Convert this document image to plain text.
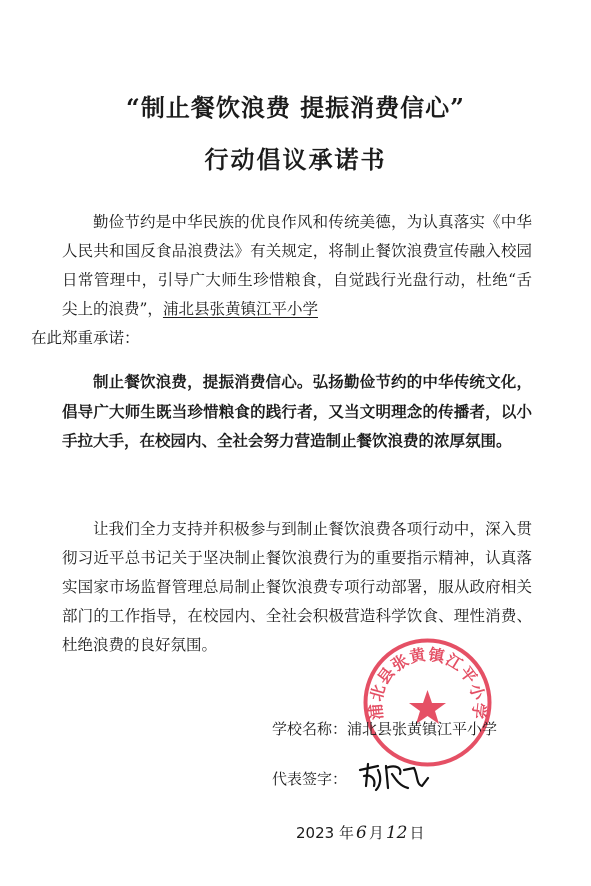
“制止餐饮浪费 提振消费信心”
行动倡议承诺书
勤俭节约是中华民族的优良作风和传统美德，为认真落实《中华人民共和国反食品浪费法》有关规定，将制止餐饮浪费宣传融入校园日常管理中，引导广大师生珍惜粮食，自觉践行光盘行动，杜绝“舌尖上的浪费”，浦北县张黄镇江平小学
在此郑重承诺：
制止餐饮浪费，提振消费信心。弘扬勤俭节约的中华传统文化，倡导广大师生既当珍惜粮食的践行者，又当文明理念的传播者，以小手拉大手，在校园内、全社会努力营造制止餐饮浪费的浓厚氛围。
让我们全力支持并积极参与到制止餐饮浪费各项行动中，深入贯彻习近平总书记关于坚决制止餐饮浪费行为的重要指示精神，认真落实国家市场监督管理总局制止餐饮浪费专项行动部署，服从政府相关部门的工作指导，在校园内、全社会积极营造科学饮食、理性消费、杜绝浪费的良好氛围。
浦北县张黄镇江平小学
学校名称：浦北县张黄镇江平小学
代表签字：
2023 年 6 月 12 日
